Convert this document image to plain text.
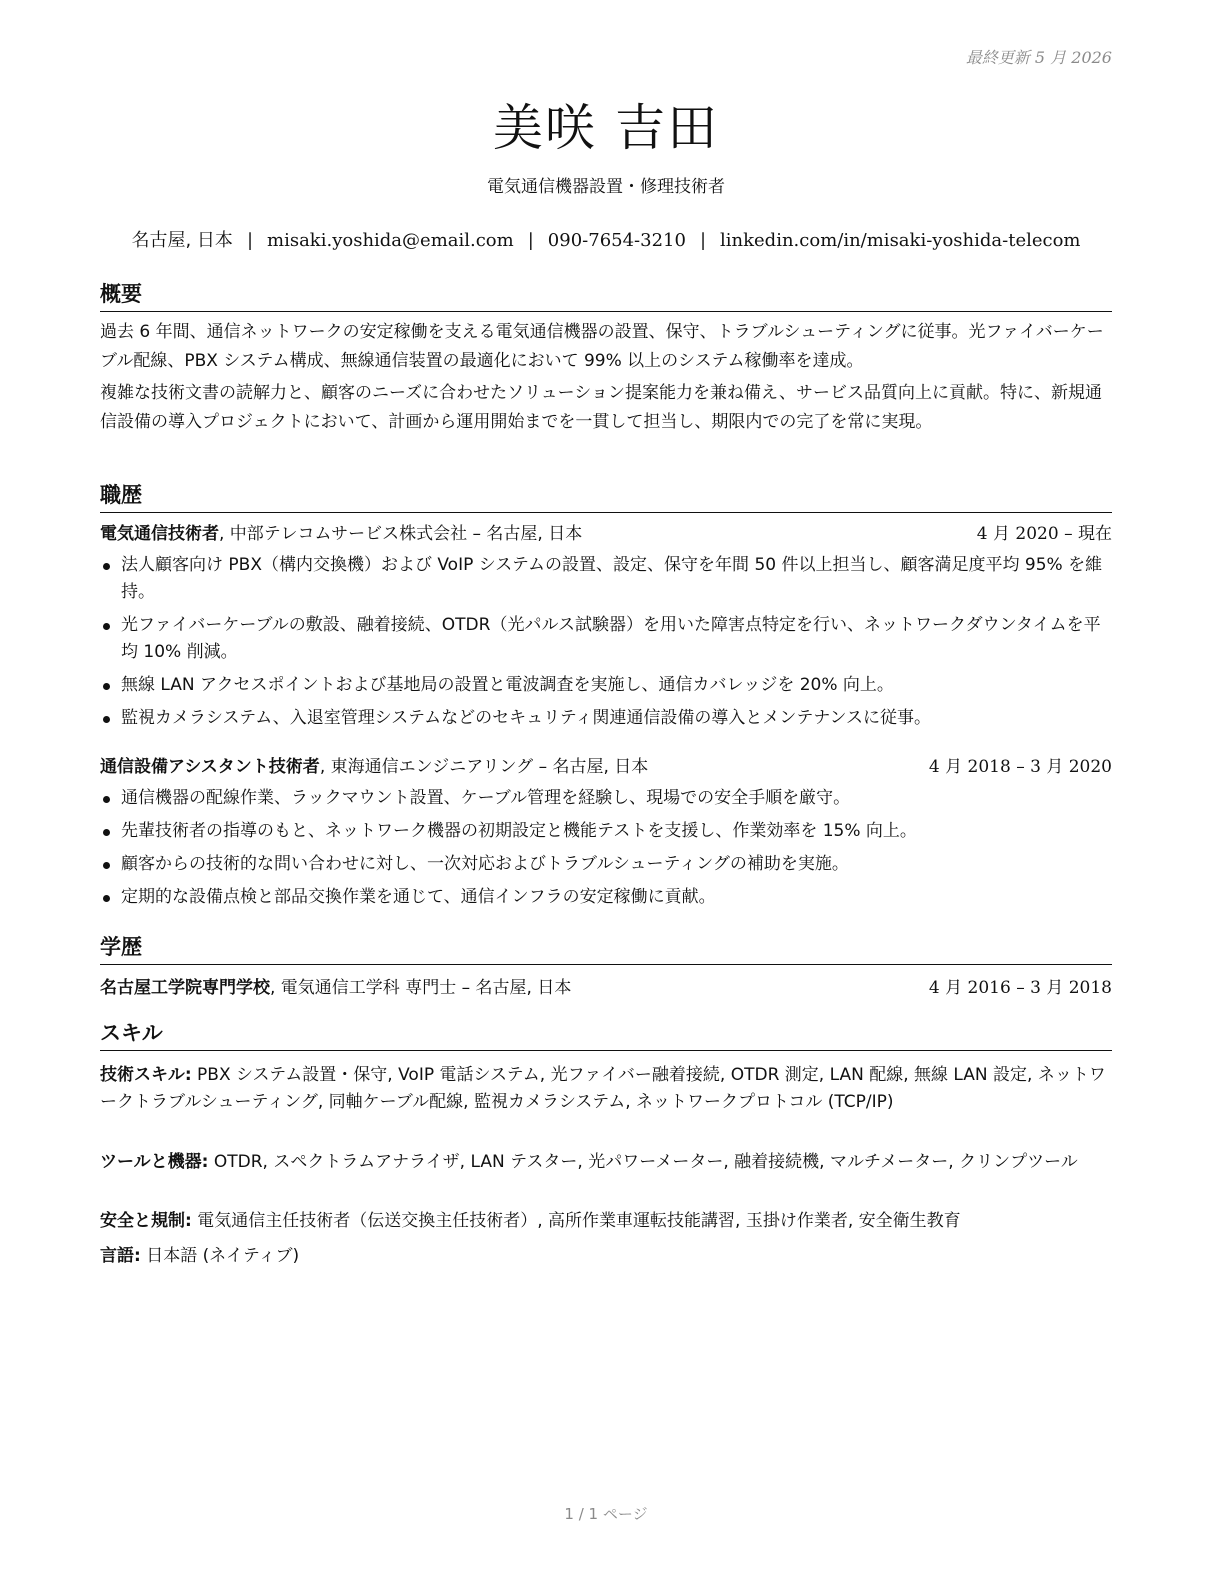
最終更新 5 月 2026
美咲 吉田
電気通信機器設置・修理技術者
名古屋, 日本 | misaki.yoshida@email.com | 090-7654-3210 | linkedin.com/in/misaki-yoshida-telecom
概要

過去 6 年間、通信ネットワークの安定稼働を支える電気通信機器の設置、保守、トラブルシューティングに従事。光ファイバーケーブル配線、PBX システム構成、無線通信装置の最適化において 99% 以上のシステム稼働率を達成。

複雑な技術文書の読解力と、顧客のニーズに合わせたソリューション提案能力を兼ね備え、サービス品質向上に貢献。特に、新規通信設備の導入プロジェクトにおいて、計画から運用開始までを一貫して担当し、期限内での完了を常に実現。

職歴
電気通信技術者, 中部テレコムサービス株式会社 – 名古屋, 日本	4 月 2020 – 現在
法人顧客向け PBX（構内交換機）および VoIP システムの設置、設定、保守を年間 50 件以上担当し、顧客満足度平均 95% を維持。
光ファイバーケーブルの敷設、融着接続、OTDR（光パルス試験器）を用いた障害点特定を行い、ネットワークダウンタイムを平均 10% 削減。
無線 LAN アクセスポイントおよび基地局の設置と電波調査を実施し、通信カバレッジを 20% 向上。
監視カメラシステム、入退室管理システムなどのセキュリティ関連通信設備の導入とメンテナンスに従事。
通信設備アシスタント技術者, 東海通信エンジニアリング – 名古屋, 日本	4 月 2018 – 3 月 2020
通信機器の配線作業、ラックマウント設置、ケーブル管理を経験し、現場での安全手順を厳守。
先輩技術者の指導のもと、ネットワーク機器の初期設定と機能テストを支援し、作業効率を 15% 向上。
顧客からの技術的な問い合わせに対し、一次対応およびトラブルシューティングの補助を実施。
定期的な設備点検と部品交換作業を通じて、通信インフラの安定稼働に貢献。
学歴
名古屋工学院専門学校, 電気通信工学科 専門士 – 名古屋, 日本	4 月 2016 – 3 月 2018
スキル
技術スキル: PBX システム設置・保守, VoIP 電話システム, 光ファイバー融着接続, OTDR 測定, LAN 配線, 無線 LAN 設定, ネットワークトラブルシューティング, 同軸ケーブル配線, 監視カメラシステム, ネットワークプロトコル (TCP/IP)
ツールと機器: OTDR, スペクトラムアナライザ, LAN テスター, 光パワーメーター, 融着接続機, マルチメーター, クリンプツール
安全と規制: 電気通信主任技術者（伝送交換主任技術者）, 高所作業車運転技能講習, 玉掛け作業者, 安全衛生教育
言語: 日本語 (ネイティブ)
1 / 1 ページ
